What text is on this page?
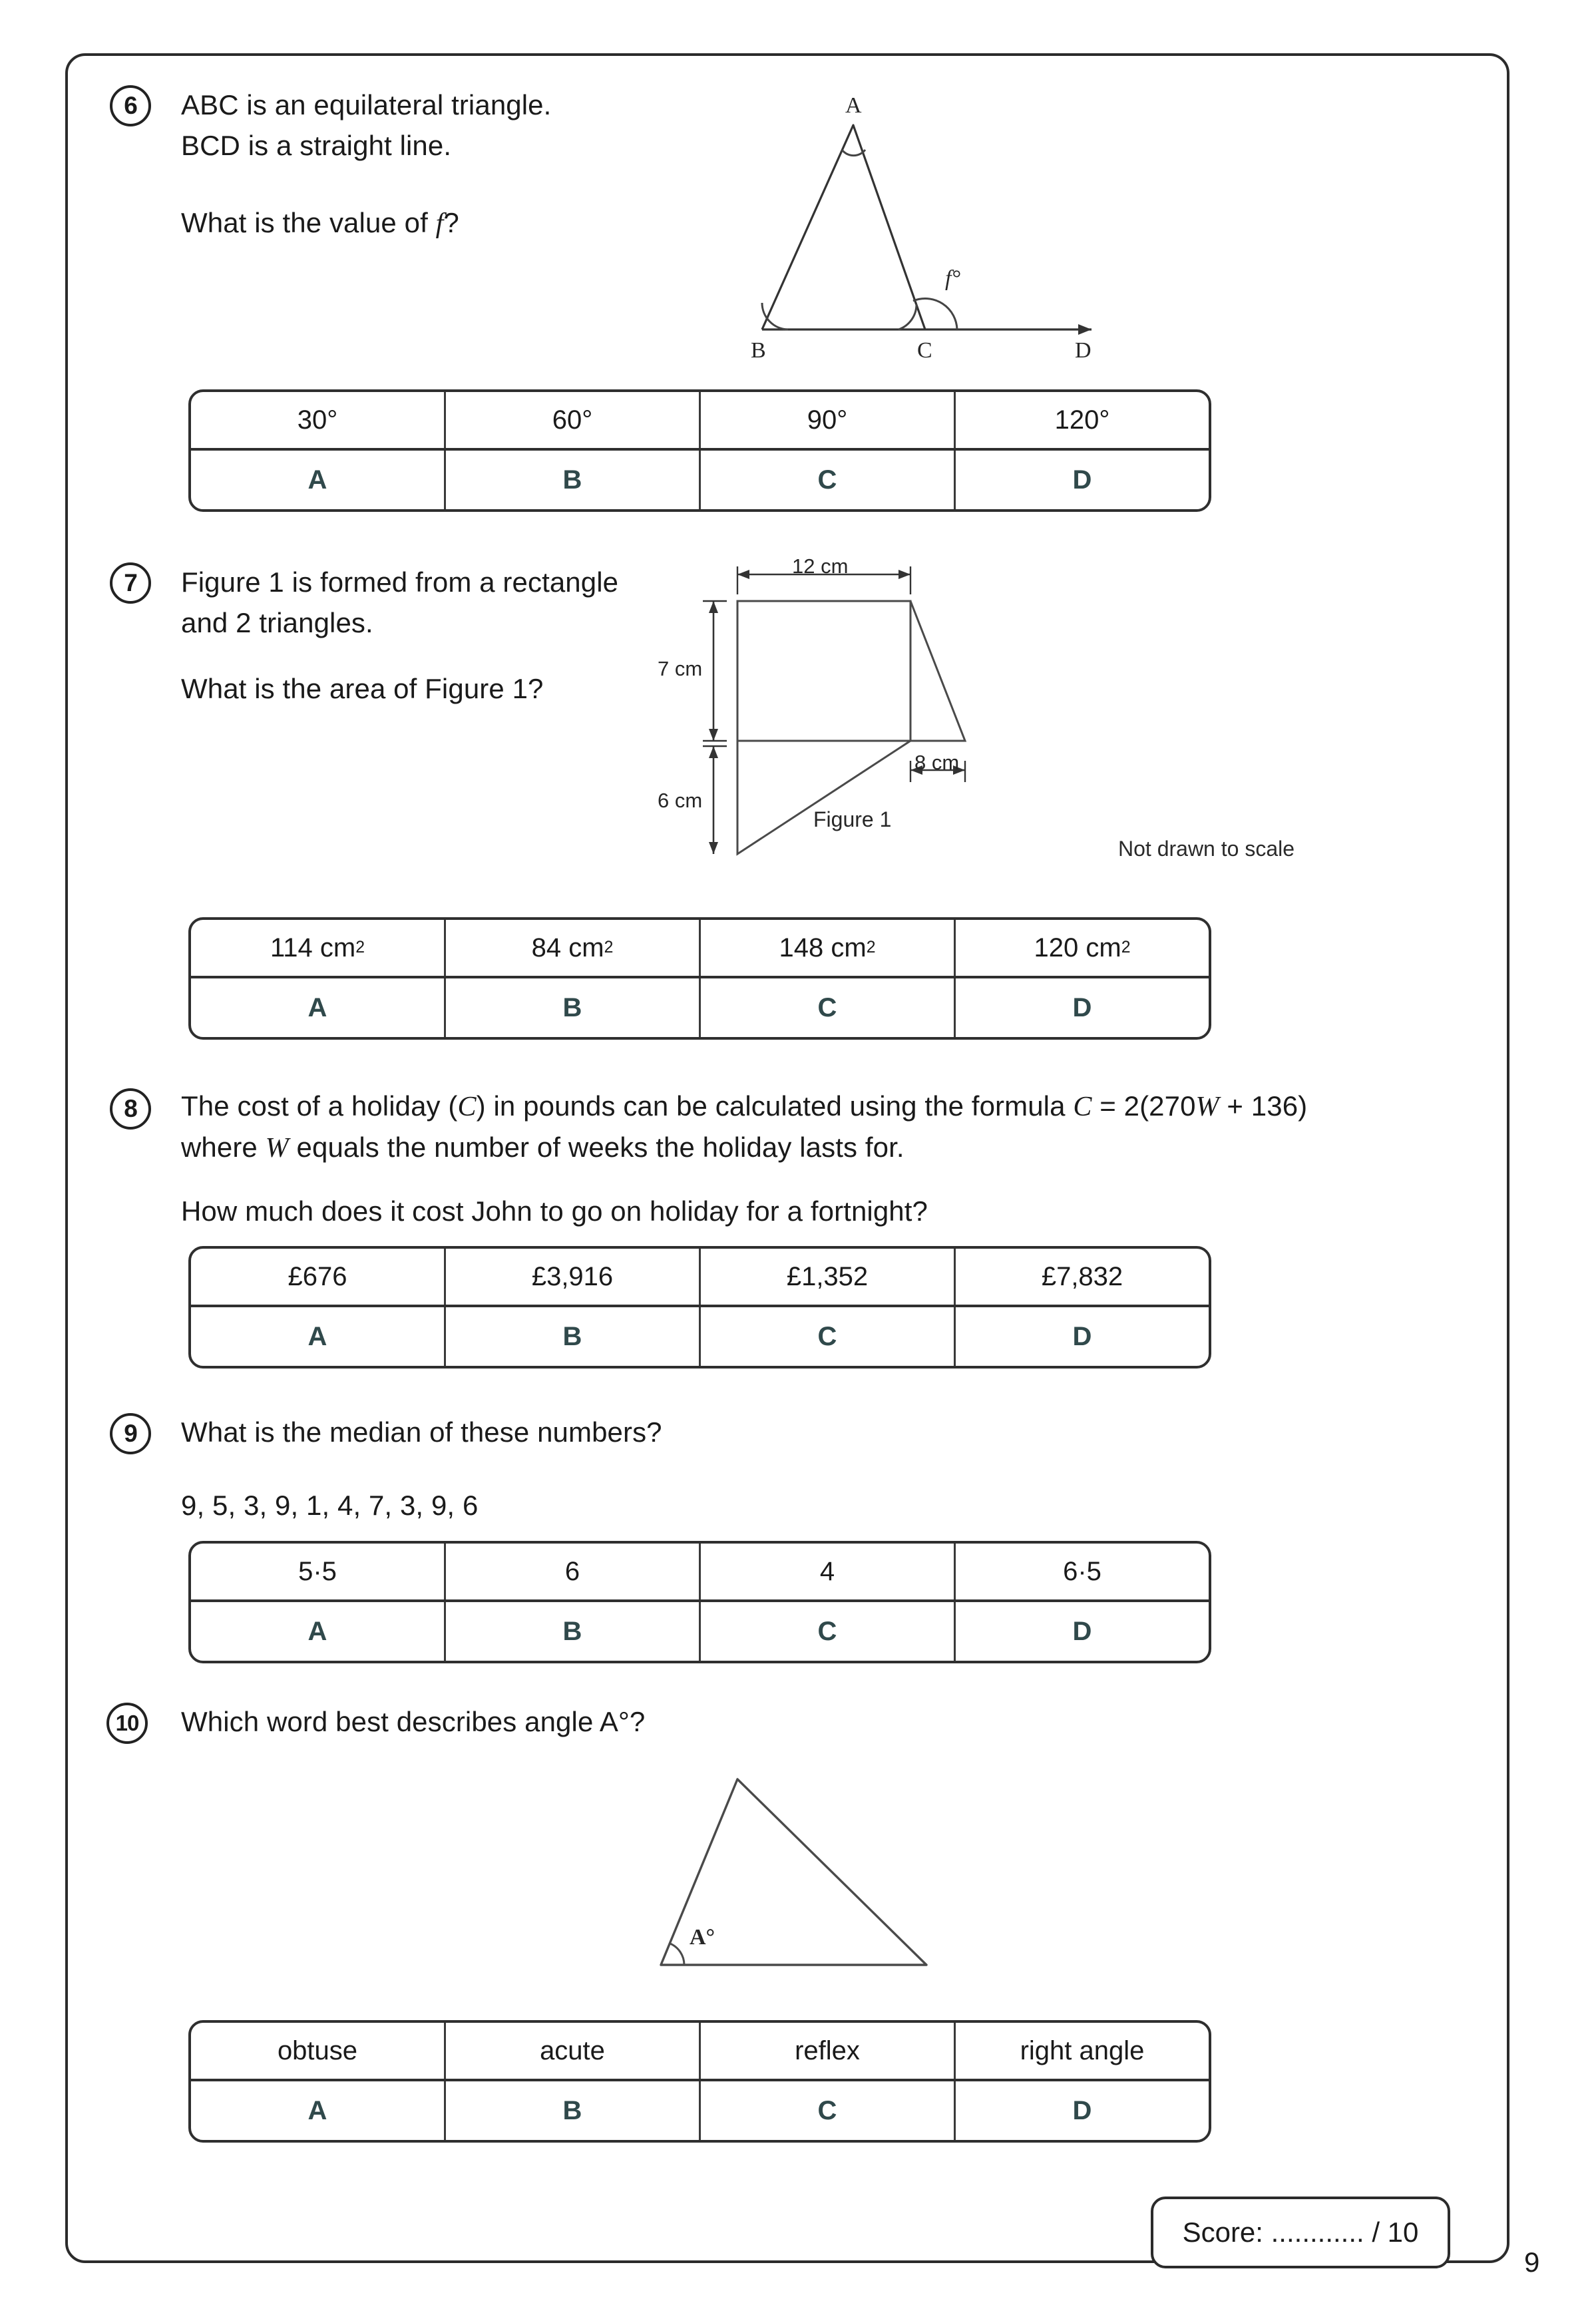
6 ABC is an equilateral triangle.
BCD is a straight line.
What is the value of f?
A
B	C	D
f°
30°	60°	90°	120°
A	B	C	D
7 Figure 1 is formed from a rectangle
and 2 triangles.
What is the area of Figure 1?
12 cm
7 cm
6 cm
8 cm
Figure 1
Not drawn to scale
114 cm 2	84 cm 2	148 cm 2	120 cm 2
A	B	C	D
8 The cost of a holiday (C) in pounds can be calculated using the formula C = 2(270W + 136)
where W equals the number of weeks the holiday lasts for.
How much does it cost John to go on holiday for a fortnight?
£676	£3,916	£1,352	£7,832
A	B	C	D
9 What is the median of these numbers?
9, 5, 3, 9, 1, 4, 7, 3, 9, 6
5·5	6	4	6·5
A	B	C	D
10 Which word best describes angle A°?
A°
obtuse	acute	reflex	right angle
A	B	C	D
Score: ............ / 10
9
